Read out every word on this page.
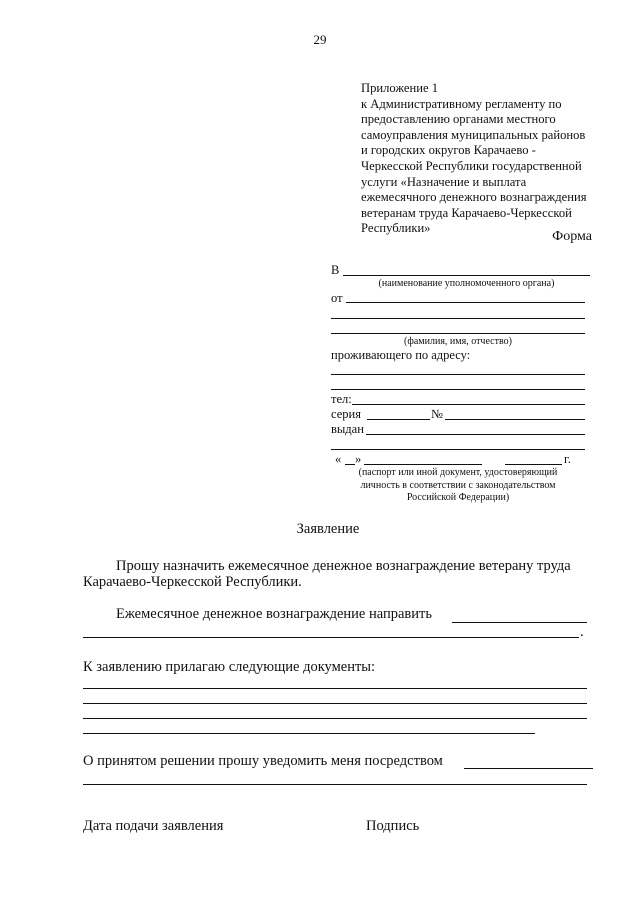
29
Приложение 1
к Административному регламенту по
предоставлению органами местного
самоуправления муниципальных районов
и городских округов Карачаево -
Черкесской Республики государственной
услуги «Назначение и выплата
ежемесячного денежного вознаграждения
ветеранам труда Карачаево-Черкесской
Республики»
Форма
В
(наименование уполномоченного органа)
от
(фамилия, имя, отчество)
проживающего по адресу:
тел:
серия	№
выдан
« »	г.
(паспорт или иной документ, удостоверяющий
личность в соответствии с законодательством
Российской Федерации)
Заявление
Прошу назначить ежемесячное денежное вознаграждение ветерану труда
Карачаево-Черкесской Республики.
Ежемесячное денежное вознаграждение направить
.
К заявлению прилагаю следующие документы:
О принятом решении прошу уведомить меня посредством
Дата подачи заявления	Подпись
